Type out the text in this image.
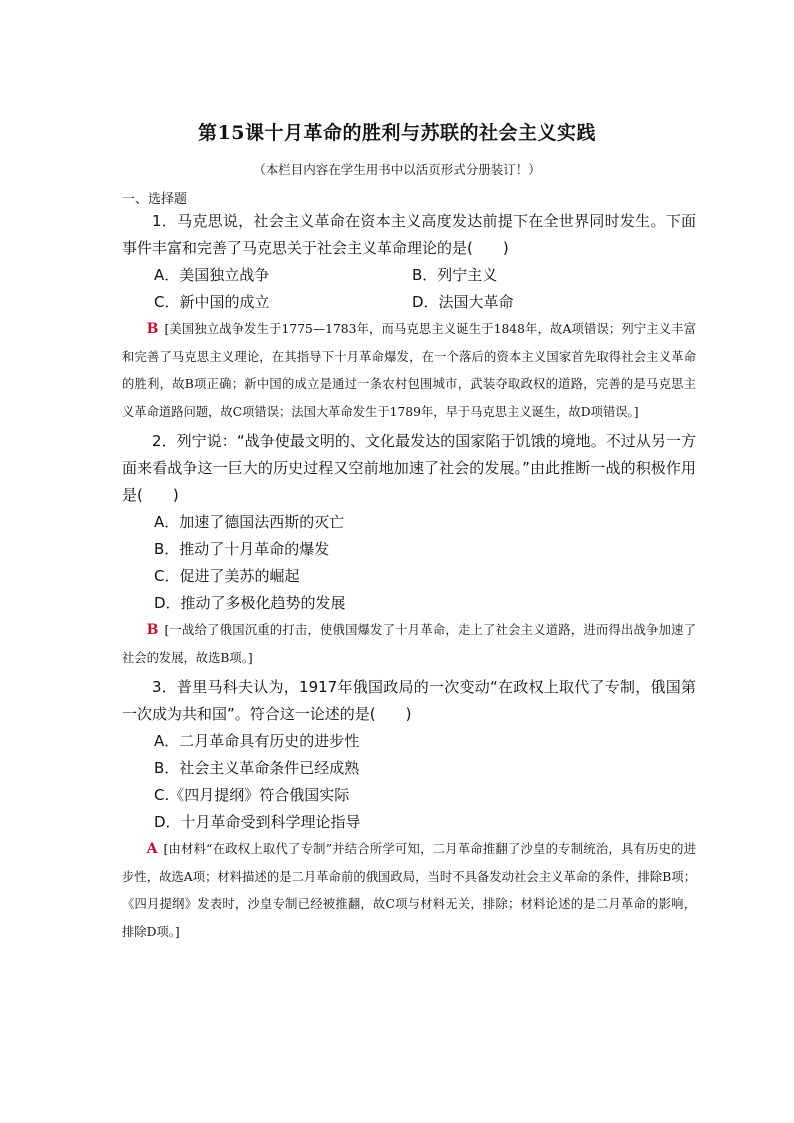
第15课十月革命的胜利与苏联的社会主义实践
（本栏目内容在学生用书中以活页形式分册装订！）
一、选择题

1．马克思说，社会主义革命在资本主义高度发达前提下在全世界同时发生。下面事件丰富和完善了马克思关于社会主义革命理论的是(　　)

A．美国独立战争	B．列宁主义
C．新中国的成立	D．法国大革命

B [美国独立战争发生于1775—1783年，而马克思主义诞生于1848年，故A项错误；列宁主义丰富和完善了马克思主义理论，在其指导下十月革命爆发，在一个落后的资本主义国家首先取得社会主义革命的胜利，故B项正确；新中国的成立是通过一条农村包围城市，武装夺取政权的道路，完善的是马克思主义革命道路问题，故C项错误；法国大革命发生于1789年，早于马克思主义诞生，故D项错误。]

2．列宁说：“战争使最文明的、文化最发达的国家陷于饥饿的境地。不过从另一方面来看战争这一巨大的历史过程又空前地加速了社会的发展。”由此推断一战的积极作用是(　　)

A．加速了德国法西斯的灭亡
B．推动了十月革命的爆发
C．促进了美苏的崛起
D．推动了多极化趋势的发展

B [一战给了俄国沉重的打击，使俄国爆发了十月革命，走上了社会主义道路，进而得出战争加速了社会的发展，故选B项。]

3．普里马科夫认为，1917年俄国政局的一次变动“在政权上取代了专制，俄国第一次成为共和国”。符合这一论述的是(　　)

A．二月革命具有历史的进步性
B．社会主义革命条件已经成熟
C.《四月提纲》符合俄国实际
D．十月革命受到科学理论指导

A [由材料“在政权上取代了专制”并结合所学可知，二月革命推翻了沙皇的专制统治，具有历史的进步性，故选A项；材料描述的是二月革命前的俄国政局，当时不具备发动社会主义革命的条件，排除B项；《四月提纲》发表时，沙皇专制已经被推翻，故C项与材料无关，排除；材料论述的是二月革命的影响，排除D项。]
